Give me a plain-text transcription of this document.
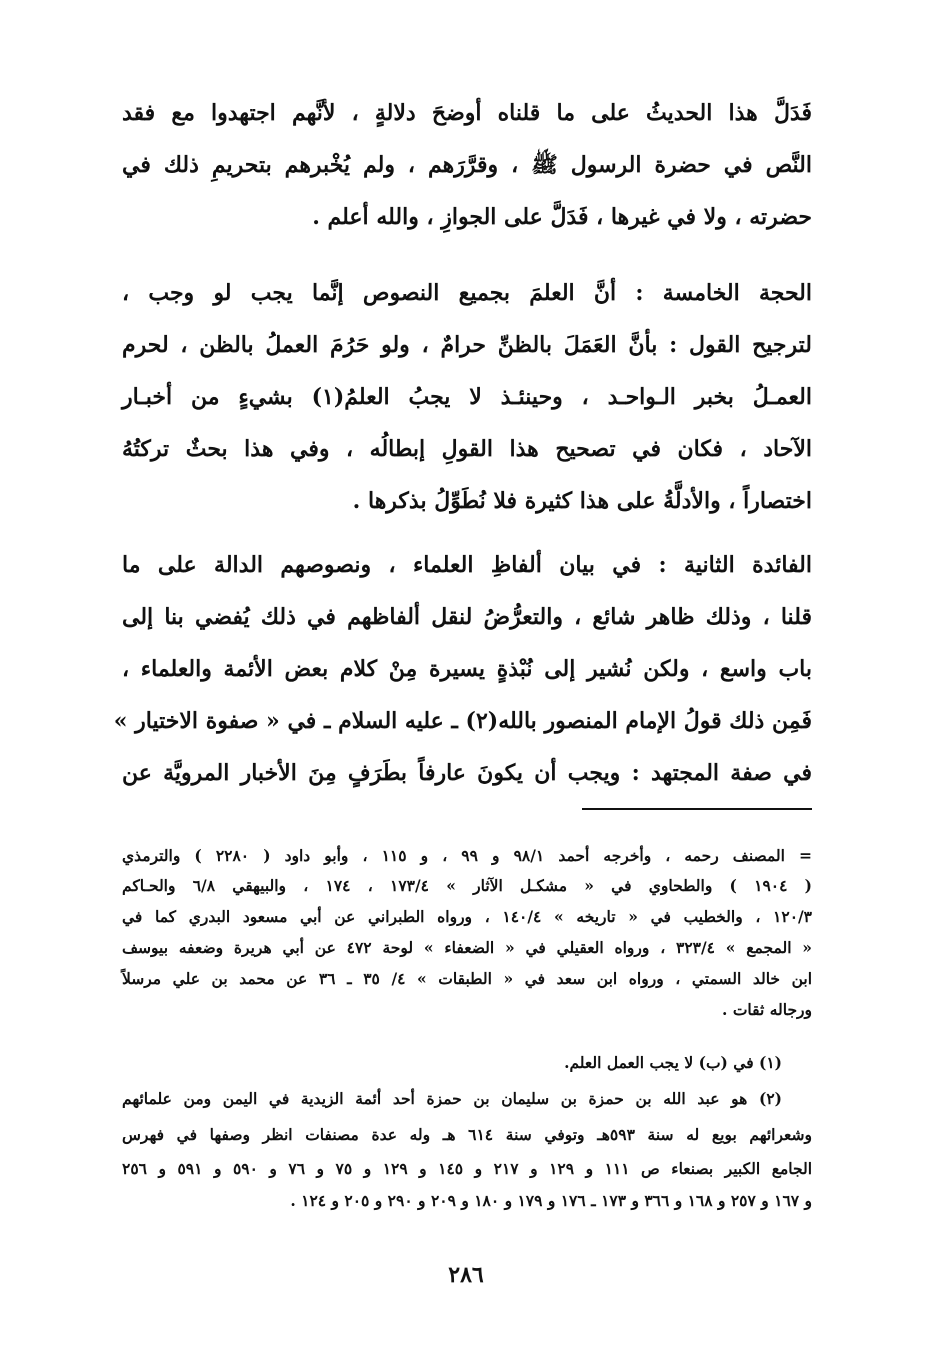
فَدَلَّ هذا الحديثُ على ما قلناه أوضحَ دلالةٍ ، لأنَّهم اجتهدوا مع فقد
النَّص في حضرة الرسول ﷺ ، وقرَّرَهم ، ولم يُخْبرهم بتحريمِ ذلك في
حضرته ، ولا في غيرها ، فَدَلَّ على الجوازِ ، والله أعلم .
الحجة الخامسة : أنَّ العلمَ بجميع النصوص إنَّما يجب لو وجب ،
لترجيح القول : بأنَّ العَمَلَ بالظنِّ حرامٌ ، ولو حَرُمَ العملُ بالظن ، لحرم
العمـلُ بخبر الـواحـد ، وحينئـذ لا يجبُ العلمُ(١) بشيءٍ من أخبـار
الآحاد ، فكان في تصحيح هذا القولِ إبطالُه ، وفي هذا بحثٌ تركتُهُ
اختصاراً ، والأدلَّةُ على هذا كثيرة فلا نُطَوِّلُ بذكرها .
الفائدة الثانية : في بيان ألفاظِ العلماء ، ونصوصهم الدالة على ما
قلنا ، وذلك ظاهر شائع ، والتعرُّضُ لنقل ألفاظهم في ذلك يُفضي بنا إلى
باب واسع ، ولكن نُشير إلى نُبْذةٍ يسيرة مِنْ كلام بعض الأئمة والعلماء ،
فَمِن ذلك قولُ الإمام المنصور بالله(٢) ـ عليه السلام ـ في « صفوة الاختيار »
في صفة المجتهد : ويجب أن يكونَ عارفاً بطَرَفٍ مِنَ الأخبار المرويَّة عن
= المصنف رحمه ، وأخرجه أحمد ٩٨/١ و ٩٩ ، و ١١٥ ، وأبو داود ( ٢٢٨٠ ) والترمذي
( ١٩٠٤ ) والطحاوي في « مشكـل الآثار » ١٧٣/٤ ، ١٧٤ ، والبيهقي ٦/٨ والحـاكم
١٢٠/٣ ، والخطيب في « تاريخه » ١٤٠/٤ ، ورواه الطبراني عن أبي مسعود البدري كما في
« المجمع » ٣٢٣/٤ ، ورواه العقيلي في « الضعفاء » لوحة ٤٧٢ عن أبي هريرة وضعفه بيوسف
ابن خالد السمتي ، ورواه ابن سعد في « الطبقات » ٤/ ٣٥ ـ ٣٦ عن محمد بن علي مرسلاً
ورجاله ثقات .
(١) في (ب) لا يجب العمل العلم.
(٢) هو عبد الله بن حمزة بن سليمان بن حمزة أحد أئمة الزيدية في اليمن ومن علمائهم
وشعرائهم بويع له سنة ٥٩٣هـ وتوفي سنة ٦١٤ هـ وله عدة مصنفات انظر وصفها في فهرس
الجامع الكبير بصنعاء ص ١١١ و ١٢٩ و ٢١٧ و ١٤٥ و ١٢٩ و ٧٥ و ٧٦ و ٥٩٠ و ٥٩١ و ٢٥٦
و ١٦٧ و ٢٥٧ و ١٦٨ و ٣٦٦ و ١٧٣ ـ ١٧٦ و ١٧٩ و ١٨٠ و ٢٠٩ و ٢٩٠ و ٢٠٥ و ١٢٤ .
٢٨٦
